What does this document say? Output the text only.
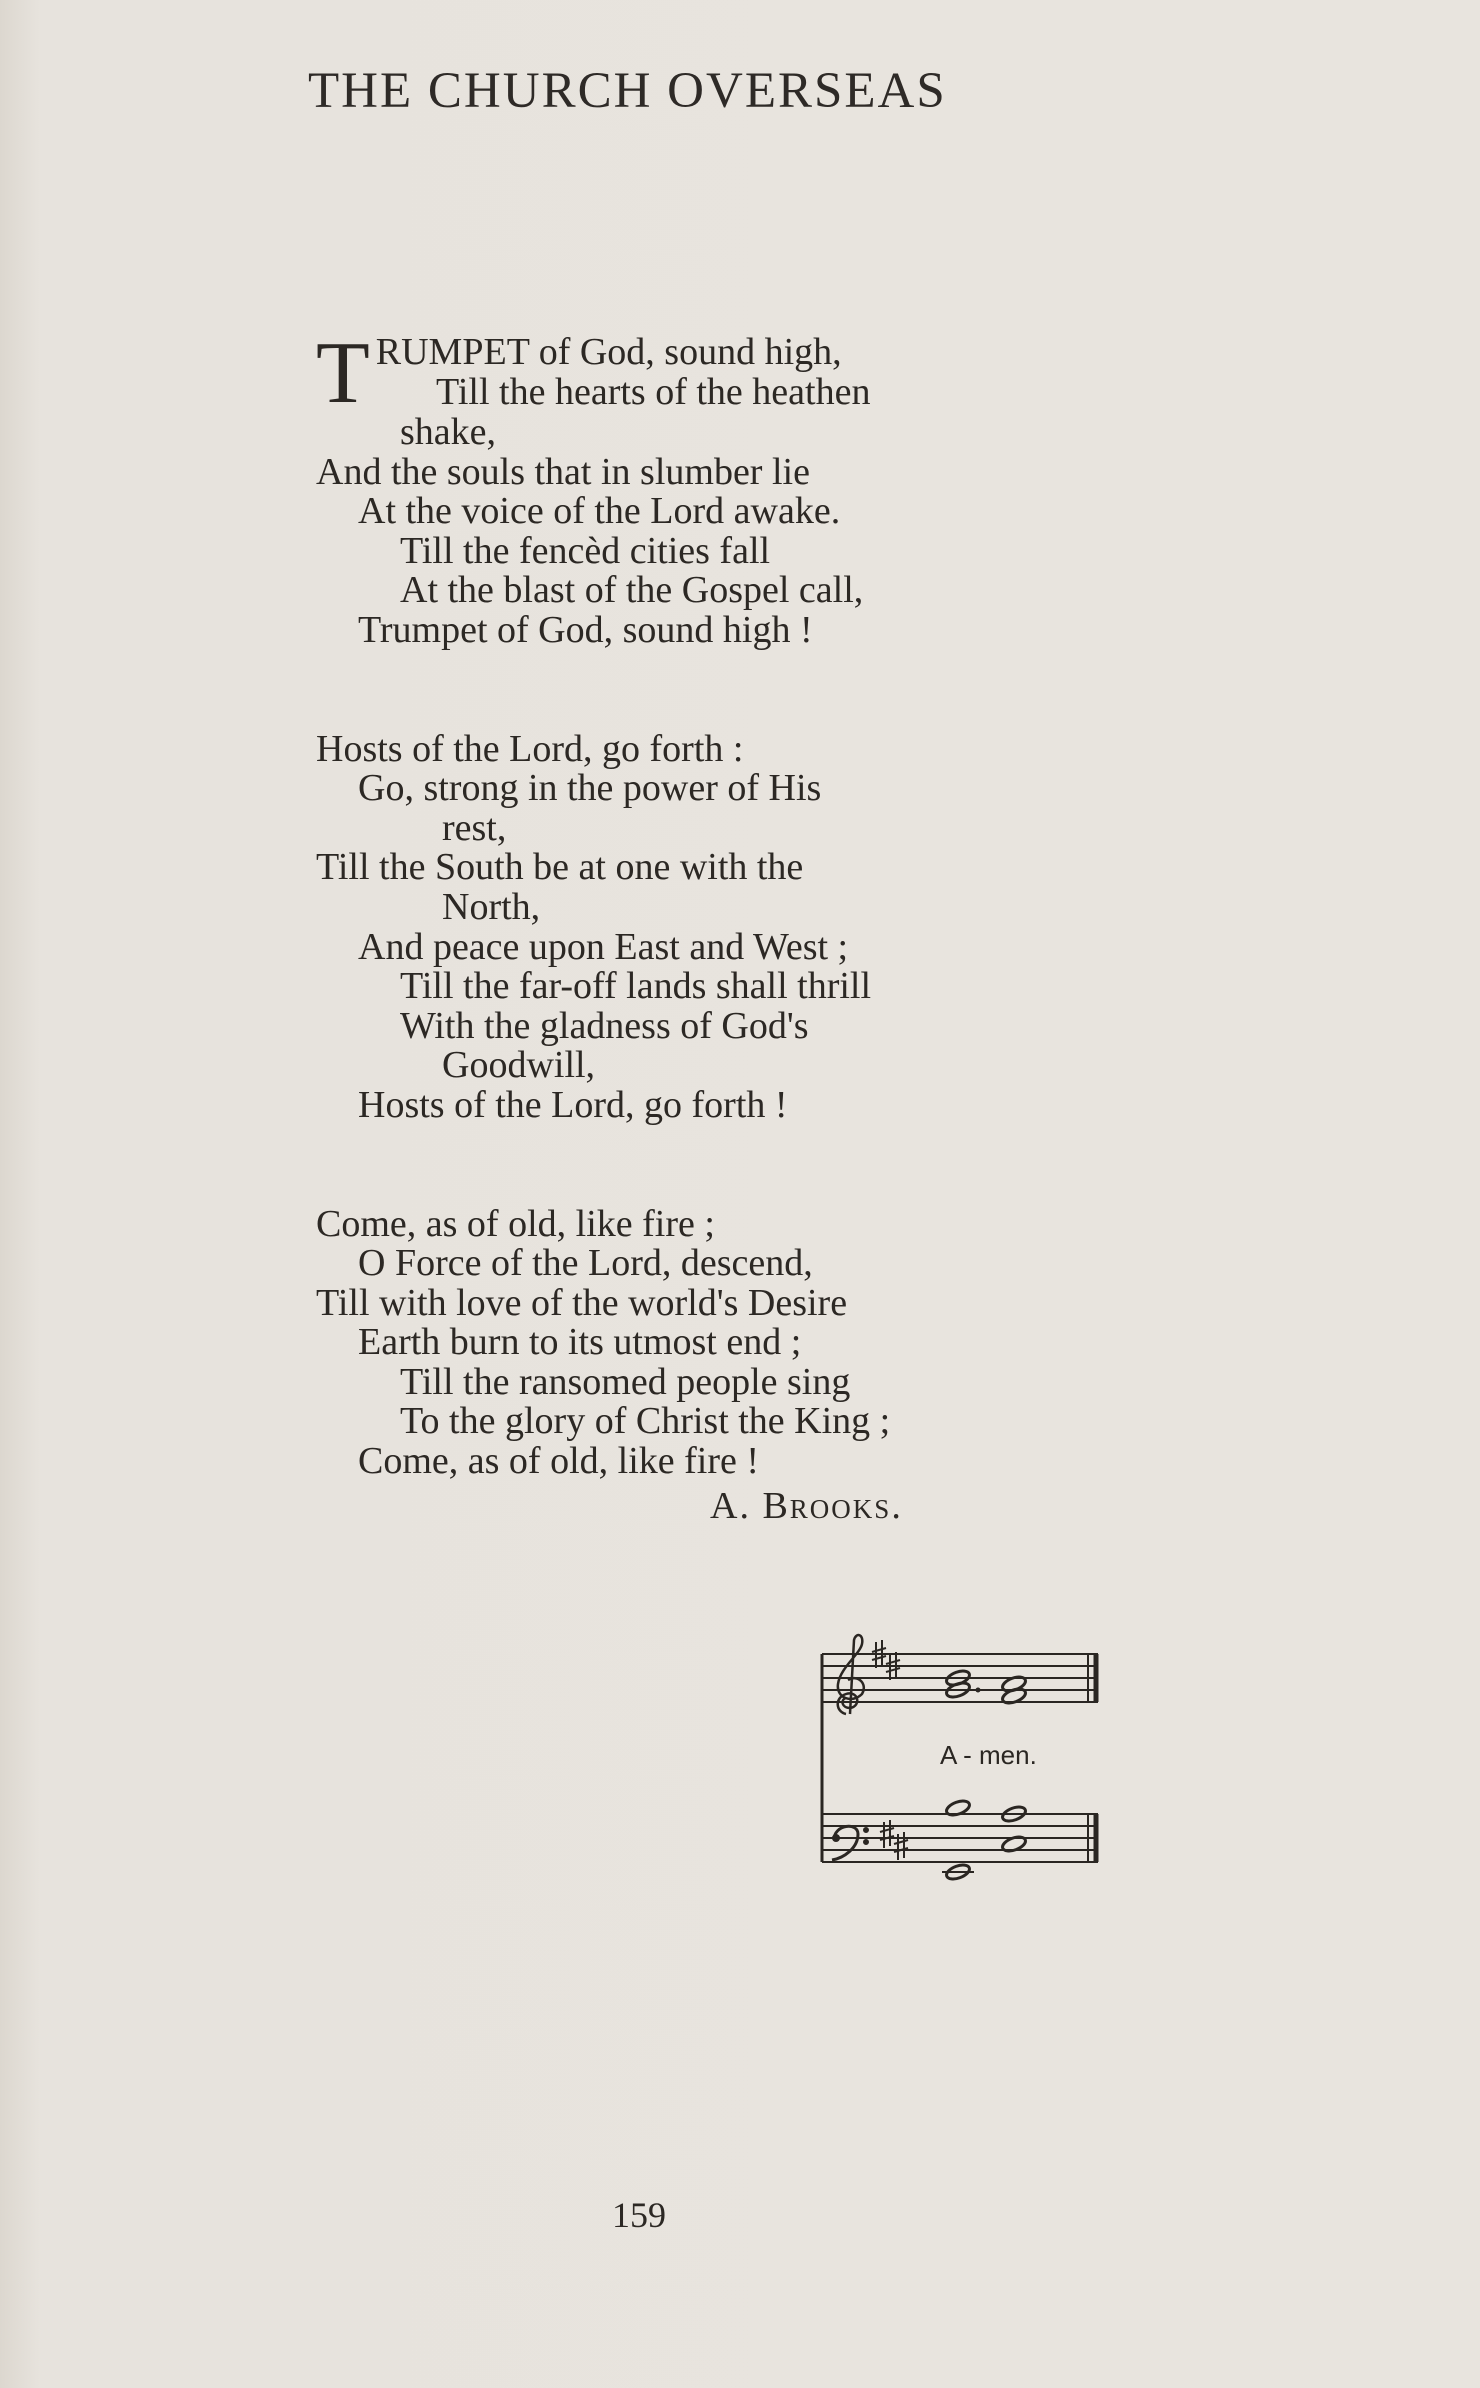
THE CHURCH OVERSEAS
T RUMPET of God, sound high,
Till the hearts of the heathen
shake,
And the souls that in slumber lie
At the voice of the Lord awake.
Till the fencèd cities fall
At the blast of the Gospel call,
Trumpet of God, sound high !
Hosts of the Lord, go forth :
Go, strong in the power of His
rest,
Till the South be at one with the
North,
And peace upon East and West ;
Till the far-off lands shall thrill
With the gladness of God's
Goodwill,
Hosts of the Lord, go forth !
Come, as of old, like fire ;
O Force of the Lord, descend,
Till with love of the world's Desire
Earth burn to its utmost end ;
Till the ransomed people sing
To the glory of Christ the King ;
Come, as of old, like fire !
A. Brooks.
A - men.
159
